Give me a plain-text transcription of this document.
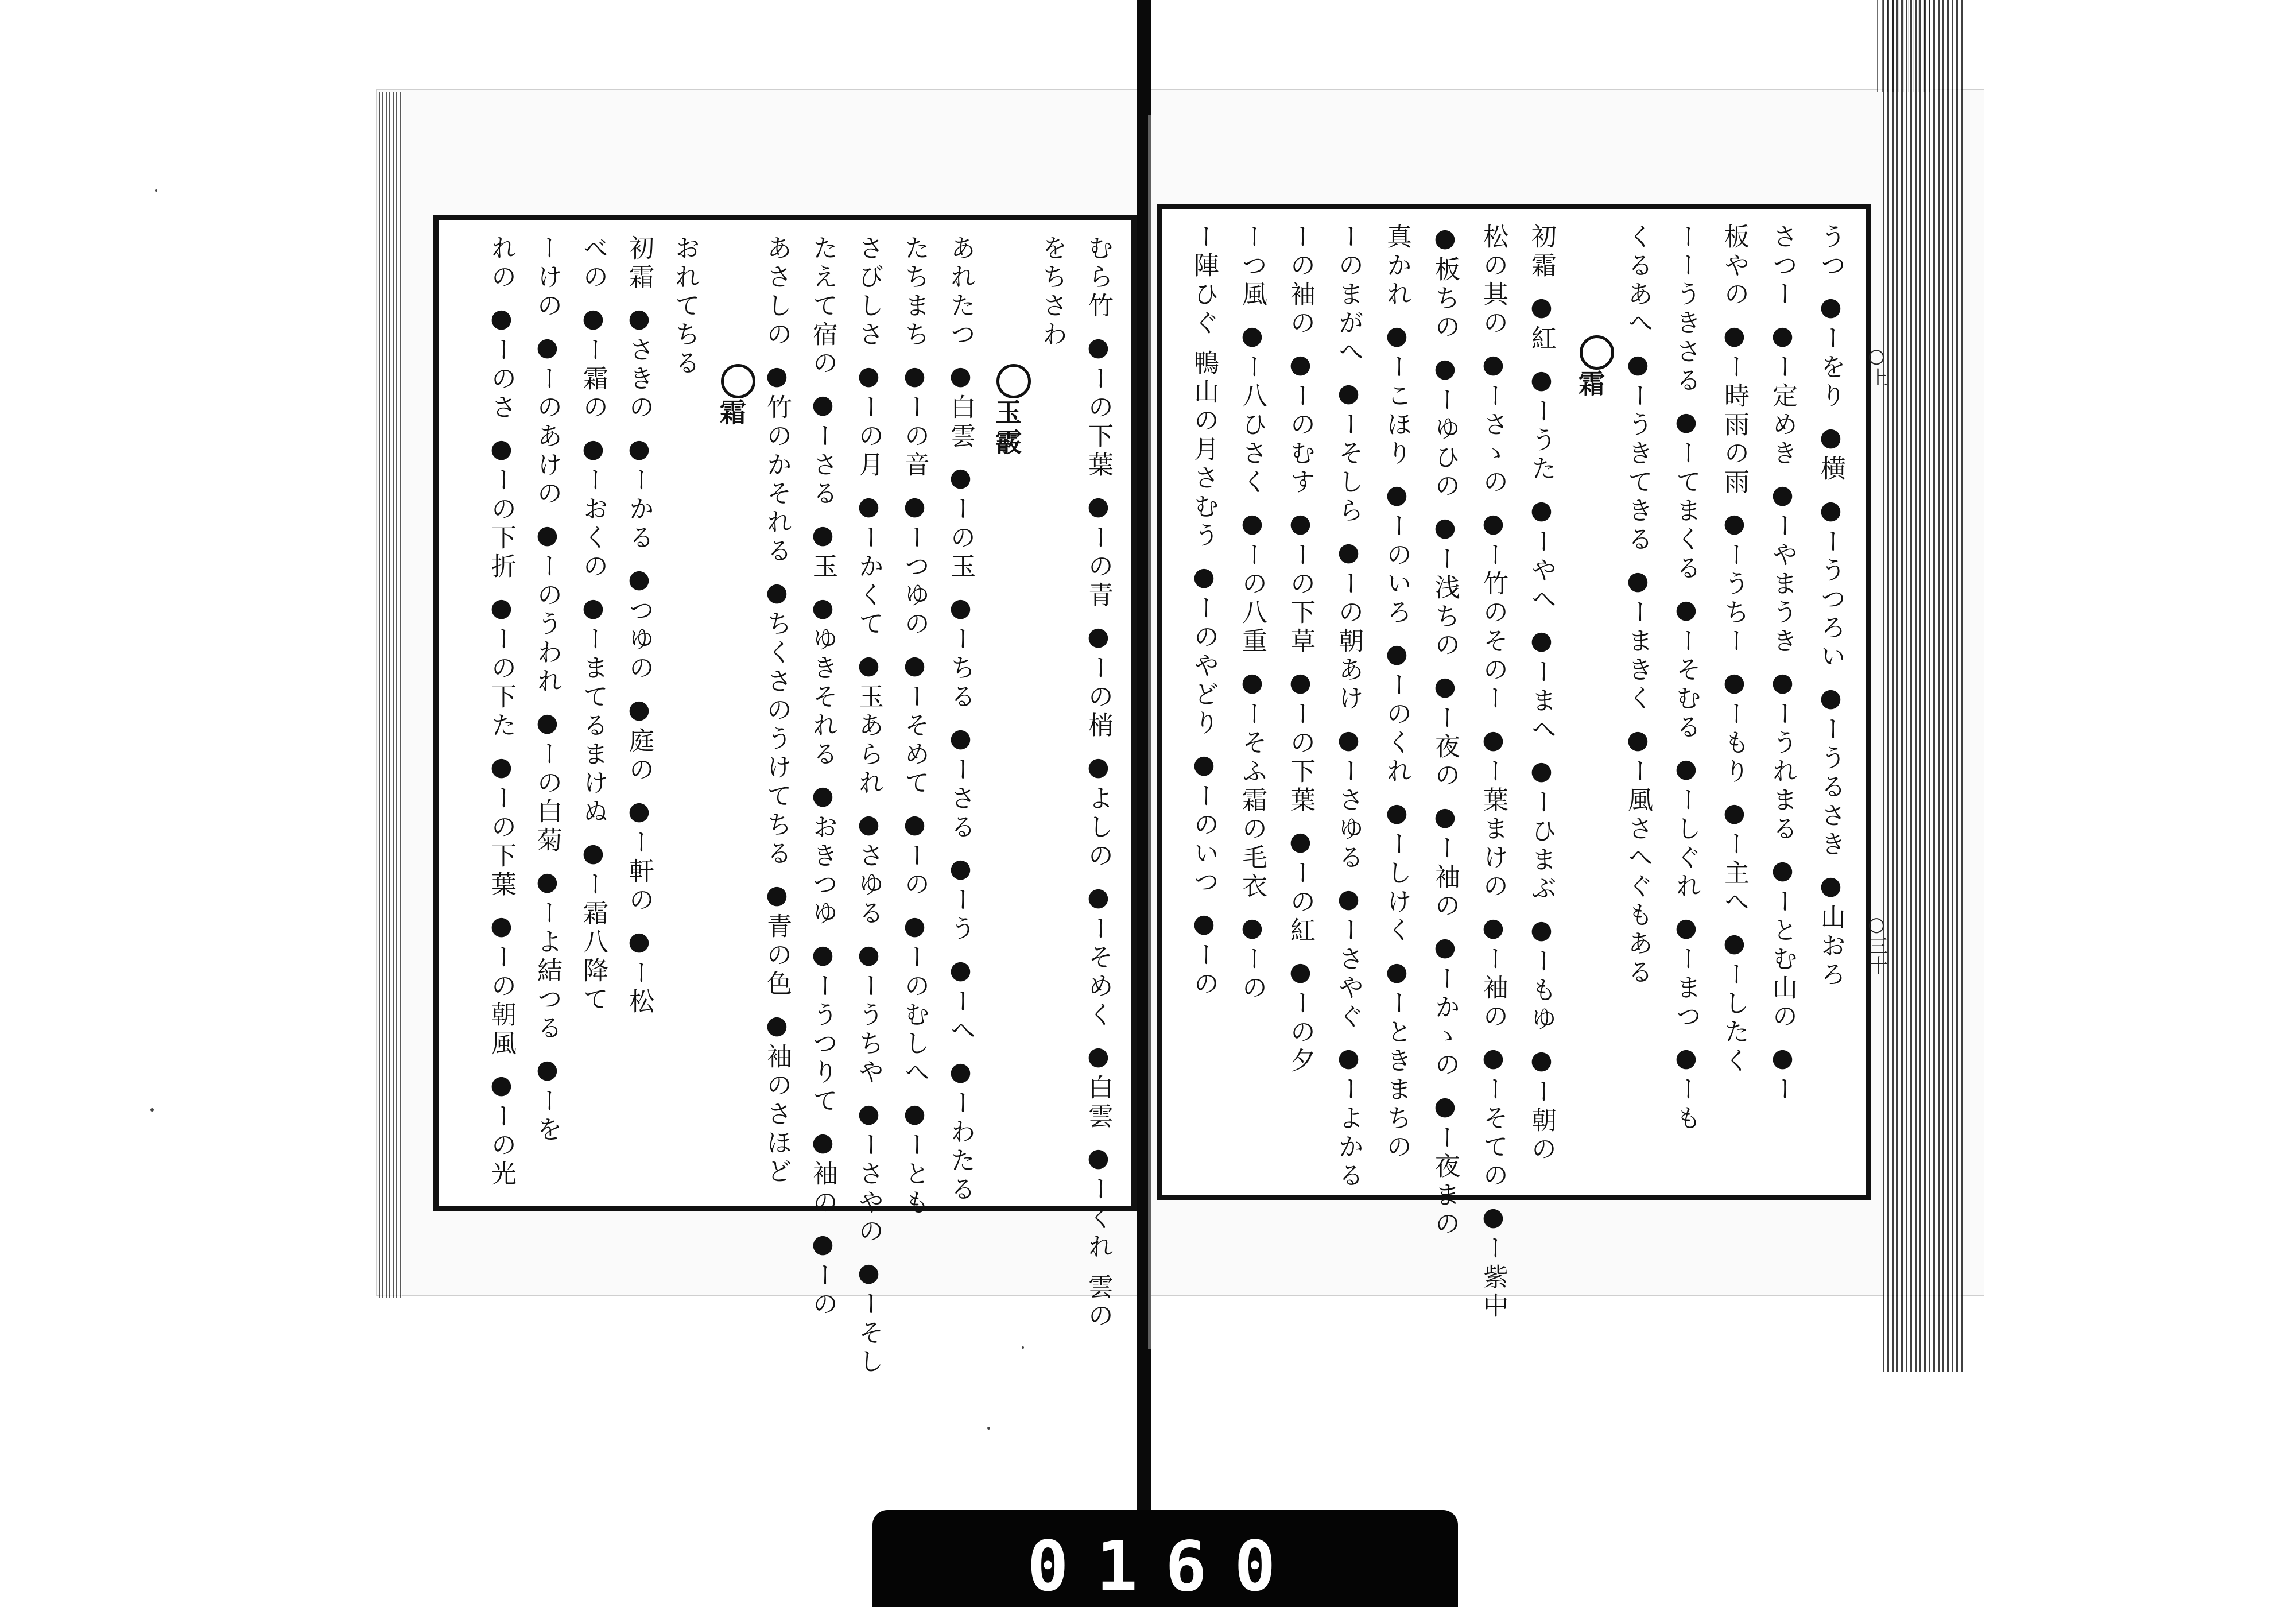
むら竹 ●ーの下葉 ●ーの青 ●ーの梢 ●よしの ●ーそめく ●白雲 ●ーくれ 雲の
をちさわ
玉霰
あれたつ ●白雲 ●ーの玉 ●ーちる ●ーさる ●ーう ●ーへ ●ーわたる
たちまち ●ーの音 ●ーつゆの ●ーそめて ●ーの ●ーのむしへ ●ーとも
さびしさ ●ーの月 ●ーかくて ●玉あられ ●さゆる ●ーうちや ●ーさやの ●ーそし
たえて宿の ●ーさる ●玉 ●ゆきそれる ●おきつゆ ●ーうつりて ●袖の ●ーの
あさしの ●竹のかそれる ●ちくさのうけてちる ●青の色 ●袖のさほど
霜
おれてちる
初霜 ●さきの ●ーかる ●つゆの ●庭の ●ー軒の ●ー松
べの ●ー霜の ●ーおくの ●ーまてるまけぬ ●ー霜八降て
ーけの ●ーのあけの ●ーのうわれ ●ーの白菊 ●ーよ結つる ●ーを
れの ●ーのさ ●ーの下折 ●ーの下た ●ーの下葉 ●ーの朝風 ●ーの光	うつ ●ーをり ●横 ●ーうつろい ●ーうるさき ●山おろ
さつー ●ー定めき ●ーやまうき ●ーうれまる ●ーとむ山の ●ー
板やの ●ー時雨の雨 ●ーうちー ●ーもり ●ー主へ ●ーしたく
ーーうきさる ●ーてまくる ●ーそむる ●ーしぐれ ●ーまつ ●ーも
くるあへ ●ーうきてきる ●ーまきく ●ー風さへぐもある
霜
初霜 ●紅 ●ーうた ●ーやへ ●ーまへ ●ーひまぶ ●ーもゆ ●ー朝の
松の其の ●ーさゝの ●ー竹のそのー ●ー葉まけの ●ー袖の ●ーそての ●ー紫中
●板ちの ●ーゆひの ●ー浅ちの ●ー夜の ●ー袖の ●ーかゝの ●ー夜まの
真かれ ●ーこほり ●ーのいろ ●ーのくれ ●ーしけく ●ーときまちの
ーのまがへ ●ーそしら ●ーの朝あけ ●ーさゆる ●ーさやぐ ●ーよかる
ーの袖の ●ーのむす ●ーの下草 ●ーの下葉 ●ーの紅 ●ーの夕
ーつ風 ●ー八ひさく ●ーの八重 ●ーそふ霜の毛衣 ●ーの
ー陣ひぐ 鴨山の月さむう ●ーのやどり ●ーのいつ ●ーの	○上
○三十
0160
